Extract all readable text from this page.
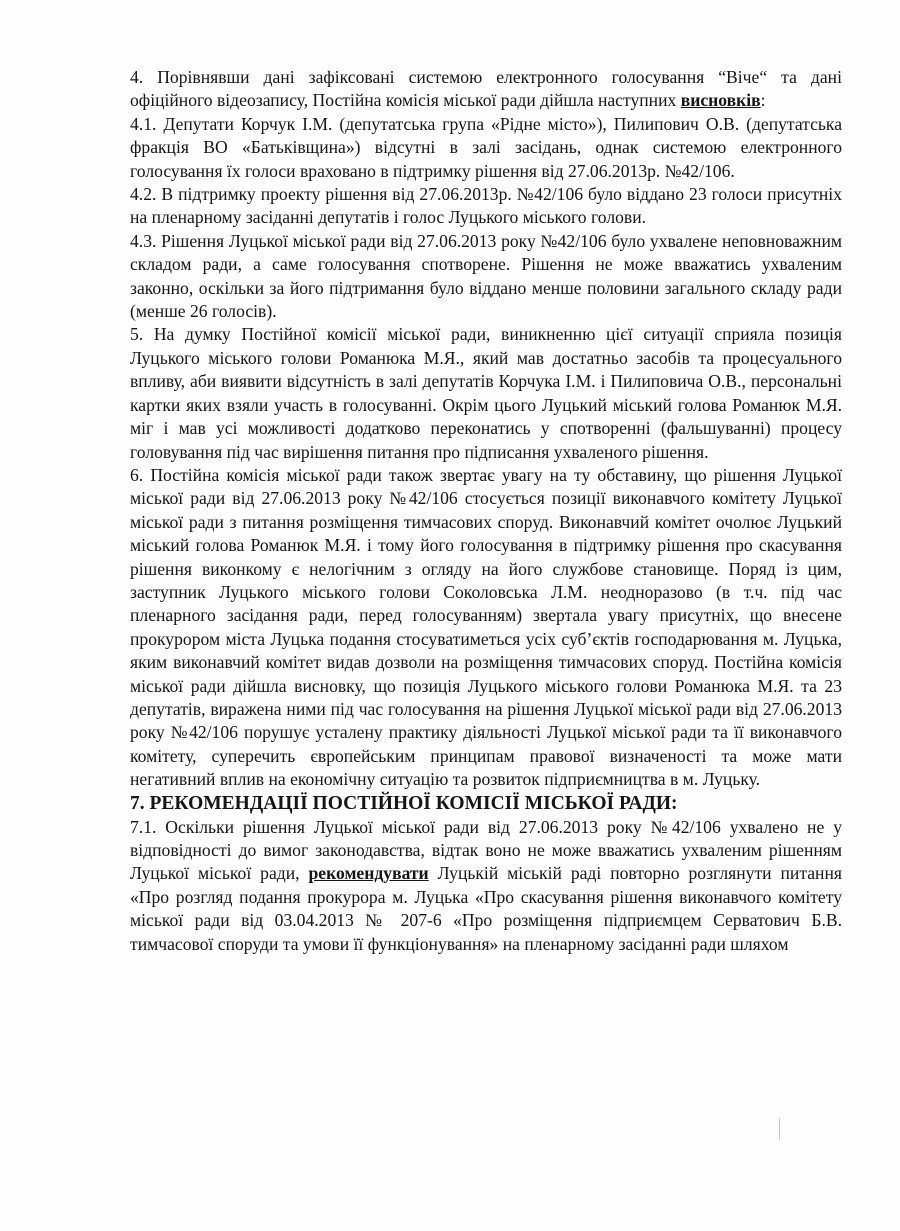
4. Порівнявши дані зафіксовані системою електронного голосування “Віче“ та дані офіційного відеозапису, Постійна комісія міської ради дійшла наступних висновків:

4.1. Депутати Корчук І.М. (депутатська група «Рідне місто»), Пилипович О.В. (депутатська фракція ВО «Батьківщина») відсутні в залі засідань, однак системою електронного голосування їх голоси враховано в підтримку рішення від 27.06.2013р. №42/106.

4.2. В підтримку проекту рішення від 27.06.2013р. №42/106 було віддано 23 голоси присутніх на пленарному засіданні депутатів і голос Луцького міського голови.

4.3. Рішення Луцької міської ради від 27.06.2013 року №42/106 було ухвалене неповноважним складом ради, а саме голосування спотворене. Рішення не може вважатись ухваленим законно, оскільки за його підтримання було віддано менше половини загального складу ради (менше 26 голосів).

5. На думку Постійної комісії міської ради, виникненню цієї ситуації сприяла позиція Луцького міського голови Романюка М.Я., який мав достатньо засобів та процесуального впливу, аби виявити відсутність в залі депутатів Корчука І.М. і Пилиповича О.В., персональні картки яких взяли участь в голосуванні. Окрім цього Луцький міський голова Романюк М.Я. міг і мав усі можливості додатково переконатись у спотворенні (фальшуванні) процесу головування під час вирішення питання про підписання ухваленого рішення.

6. Постійна комісія міської ради також звертає увагу на ту обставину, що рішення Луцької міської ради від 27.06.2013 року №42/106 стосується позиції виконавчого комітету Луцької міської ради з питання розміщення тимчасових споруд. Виконавчий комітет очолює Луцький міський голова Романюк М.Я. і тому його голосування в підтримку рішення про скасування рішення виконкому є нелогічним з огляду на його службове становище. Поряд із цим, заступник Луцького міського голови Соколовська Л.М. неодноразово (в т.ч. під час пленарного засідання ради, перед голосуванням) звертала увагу присутніх, що внесене прокурором міста Луцька подання стосуватиметься усіх суб’єктів господарювання м. Луцька, яким виконавчий комітет видав дозволи на розміщення тимчасових споруд. Постійна комісія міської ради дійшла висновку, що позиція Луцького міського голови Романюка М.Я. та 23 депутатів, виражена ними під час голосування на рішення Луцької міської ради від 27.06.2013 року №42/106 порушує усталену практику діяльності Луцької міської ради та її виконавчого комітету, суперечить європейським принципам правової визначеності та може мати негативний вплив на економічну ситуацію та розвиток підприємництва в м. Луцьку.

7. РЕКОМЕНДАЦІЇ ПОСТІЙНОЇ КОМІСІЇ МІСЬКОЇ РАДИ:

7.1. Оскільки рішення Луцької міської ради від 27.06.2013 року №42/106 ухвалено не у відповідності до вимог законодавства, відтак воно не може вважатись ухваленим рішенням Луцької міської ради, рекомендувати Луцькій міській раді повторно розглянути питання «Про розгляд подання прокурора м. Луцька «Про скасування рішення виконавчого комітету міської ради від 03.04.2013 № 207-6 «Про розміщення підприємцем Серватович Б.В. тимчасової споруди та умови її функціонування» на пленарному засіданні ради шляхом
